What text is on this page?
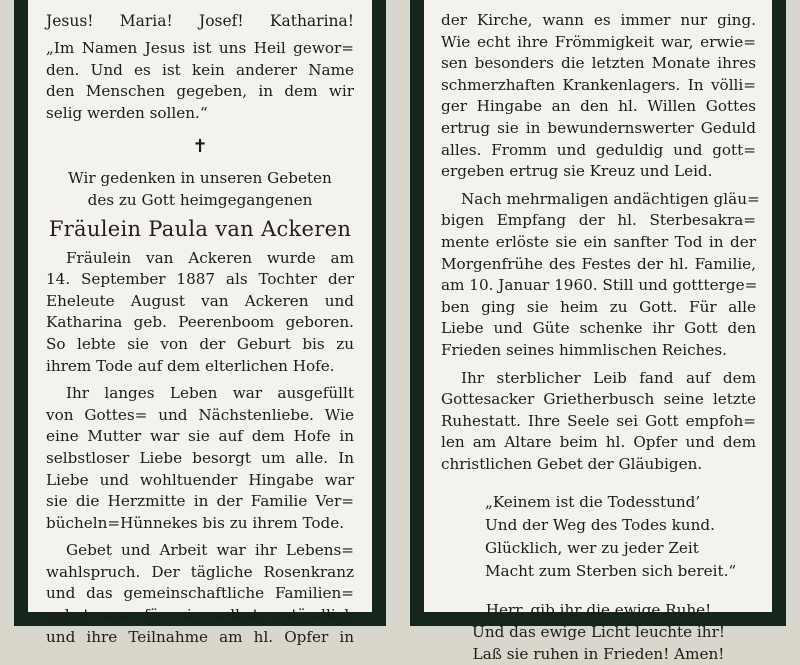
Jesus! Maria! Josef! Katharina!
„Im Namen Jesus ist uns Heil gewor=
den. Und es ist kein anderer Name
den Menschen gegeben, in dem wir
selig werden sollen.“
✝
Wir gedenken in unseren Gebeten
des zu Gott heimgegangenen
Fräulein Paula van Ackeren
Fräulein van Ackeren wurde am
14. September 1887 als Tochter der
Eheleute August van Ackeren und
Katharina geb. Peerenboom geboren.
So lebte sie von der Geburt bis zu
ihrem Tode auf dem elterlichen Hofe.
Ihr langes Leben war ausgefüllt
von Gottes= und Nächstenliebe. Wie
eine Mutter war sie auf dem Hofe in
selbstloser Liebe besorgt um alle. In
Liebe und wohltuender Hingabe war
sie die Herzmitte in der Familie Ver=
bücheln=Hünnekes bis zu ihrem Tode.
Gebet und Arbeit war ihr Lebens=
wahlspruch. Der tägliche Rosenkranz
und das gemeinschaftliche Familien=
gebet war für sie selbstverständlich
und ihre Teilnahme am hl. Opfer in
der Kirche, wann es immer nur ging.
Wie echt ihre Frömmigkeit war, erwie=
sen besonders die letzten Monate ihres
schmerzhaften Krankenlagers. In völli=
ger Hingabe an den hl. Willen Gottes
ertrug sie in bewundernswerter Geduld
alles. Fromm und geduldig und gott=
ergeben ertrug sie Kreuz und Leid.
Nach mehrmaligen andächtigen gläu=
bigen Empfang der hl. Sterbesakra=
mente erlöste sie ein sanfter Tod in der
Morgenfrühe des Festes der hl. Familie,
am 10. Januar 1960. Still und gottterge=
ben ging sie heim zu Gott. Für alle
Liebe und Güte schenke ihr Gott den
Frieden seines himmlischen Reiches.
Ihr sterblicher Leib fand auf dem
Gottesacker Grietherbusch seine letzte
Ruhestatt. Ihre Seele sei Gott empfoh=
len am Altare beim hl. Opfer und dem
christlichen Gebet der Gläubigen.
„Keinem ist die Todesstund’
Und der Weg des Todes kund.
Glücklich, wer zu jeder Zeit
Macht zum Sterben sich bereit.“
Herr, gib ihr die ewige Ruhe!
Und das ewige Licht leuchte ihr!
Laß sie ruhen in Frieden! Amen!
